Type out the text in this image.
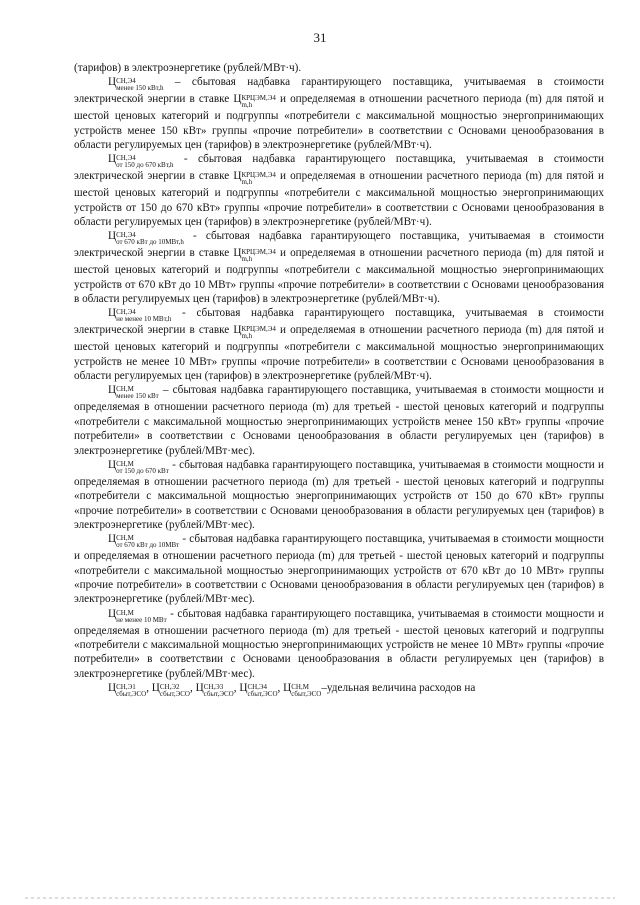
31

(тарифов) в электроэнергетике (рублей/МВт·ч).

Ц СН,Э4
менее 150 кВт,h – сбытовая надбавка гарантирующего поставщика, учитываемая в стоимости электрической энергии в ставке Ц КРЦЭМ,Э4
m,h	и определяемая в отношении расчетного периода (m) для пятой и шестой ценовых категорий и подгруппы «потребители с максимальной мощностью энергопринимающих устройств менее 150 кВт» группы «прочие потребители» в соответствии с Основами ценообразования в области регулируемых цен (тарифов) в электроэнергетике (рублей/МВт·ч).

Ц СН,Э4
от 150 до 670 кВт,h - сбытовая надбавка гарантирующего поставщика, учитываемая в стоимости электрической энергии в ставке Ц КРЦЭМ,Э4
m,h	и определяемая в отношении расчетного периода (m) для пятой и шестой ценовых категорий и подгруппы «потребители с максимальной мощностью энергопринимающих устройств от 150 до 670 кВт» группы «прочие потребители» в соответствии с Основами ценообразования в области регулируемых цен (тарифов) в электроэнергетике (рублей/МВт·ч).

Ц СН,Э4
от 670 кВт до 10МВт,h - сбытовая надбавка гарантирующего поставщика, учитываемая в стоимости электрической энергии в ставке Ц КРЦЭМ,Э4
m,h	и определяемая в отношении расчетного периода (m) для пятой и шестой ценовых категорий и подгруппы «потребители с максимальной мощностью энергопринимающих устройств от 670 кВт до 10 МВт» группы «прочие потребители» в соответствии с Основами ценообразования в области регулируемых цен (тарифов) в электроэнергетике (рублей/МВт·ч).

Ц СН,Э4
не менее 10 МВт,h - сбытовая надбавка гарантирующего поставщика, учитываемая в стоимости электрической энергии в ставке Ц КРЦЭМ,Э4
m,h	и определяемая в отношении расчетного периода (m) для пятой и шестой ценовых категорий и подгруппы «потребители с максимальной мощностью энергопринимающих устройств не менее 10 МВт» группы «прочие потребители» в соответствии с Основами ценообразования в области регулируемых цен (тарифов) в электроэнергетике (рублей/МВт·ч).

Ц СН,М
менее 150 кВт – сбытовая надбавка гарантирующего поставщика, учитываемая в стоимости мощности и определяемая в отношении расчетного периода (m) для третьей - шестой ценовых категорий и подгруппы «потребители с максимальной мощностью энергопринимающих устройств менее 150 кВт» группы «прочие потребители» в соответствии с Основами ценообразования в области регулируемых цен (тарифов) в электроэнергетике (рублей/МВт·мес).

Ц СН,М
от 150 до 670 кВт - сбытовая надбавка гарантирующего поставщика, учитываемая в стоимости мощности и определяемая в отношении расчетного периода (m) для третьей - шестой ценовых категорий и подгруппы «потребители с максимальной мощностью энергопринимающих устройств от 150 до 670 кВт» группы «прочие потребители» в соответствии с Основами ценообразования в области регулируемых цен (тарифов) в электроэнергетике (рублей/МВт·мес).

Ц СН,М
от 670 кВт до 10МВт - сбытовая надбавка гарантирующего поставщика, учитываемая в стоимости мощности и определяемая в отношении расчетного периода (m) для третьей - шестой ценовых категорий и подгруппы «потребители с максимальной мощностью энергопринимающих устройств от 670 кВт до 10 МВт» группы «прочие потребители» в соответствии с Основами ценообразования в области регулируемых цен (тарифов) в электроэнергетике (рублей/МВт·мес).

Ц СН,М
не менее 10 МВт - сбытовая надбавка гарантирующего поставщика, учитываемая в стоимости мощности и определяемая в отношении расчетного периода (m) для третьей - шестой ценовых категорий и подгруппы «потребители с максимальной мощностью энергопринимающих устройств не менее 10 МВт» группы «прочие потребители» в соответствии с Основами ценообразования в области регулируемых цен (тарифов) в электроэнергетике (рублей/МВт·мес).

Ц СН,Э1
сбыт,ЭСО , Ц СН,Э2
сбыт,ЭСО , Ц СН,Э3
сбыт,ЭСО , Ц СН,Э4
сбыт,ЭСО , Ц СН,М
сбыт,ЭСО –удельная величина расходов на
